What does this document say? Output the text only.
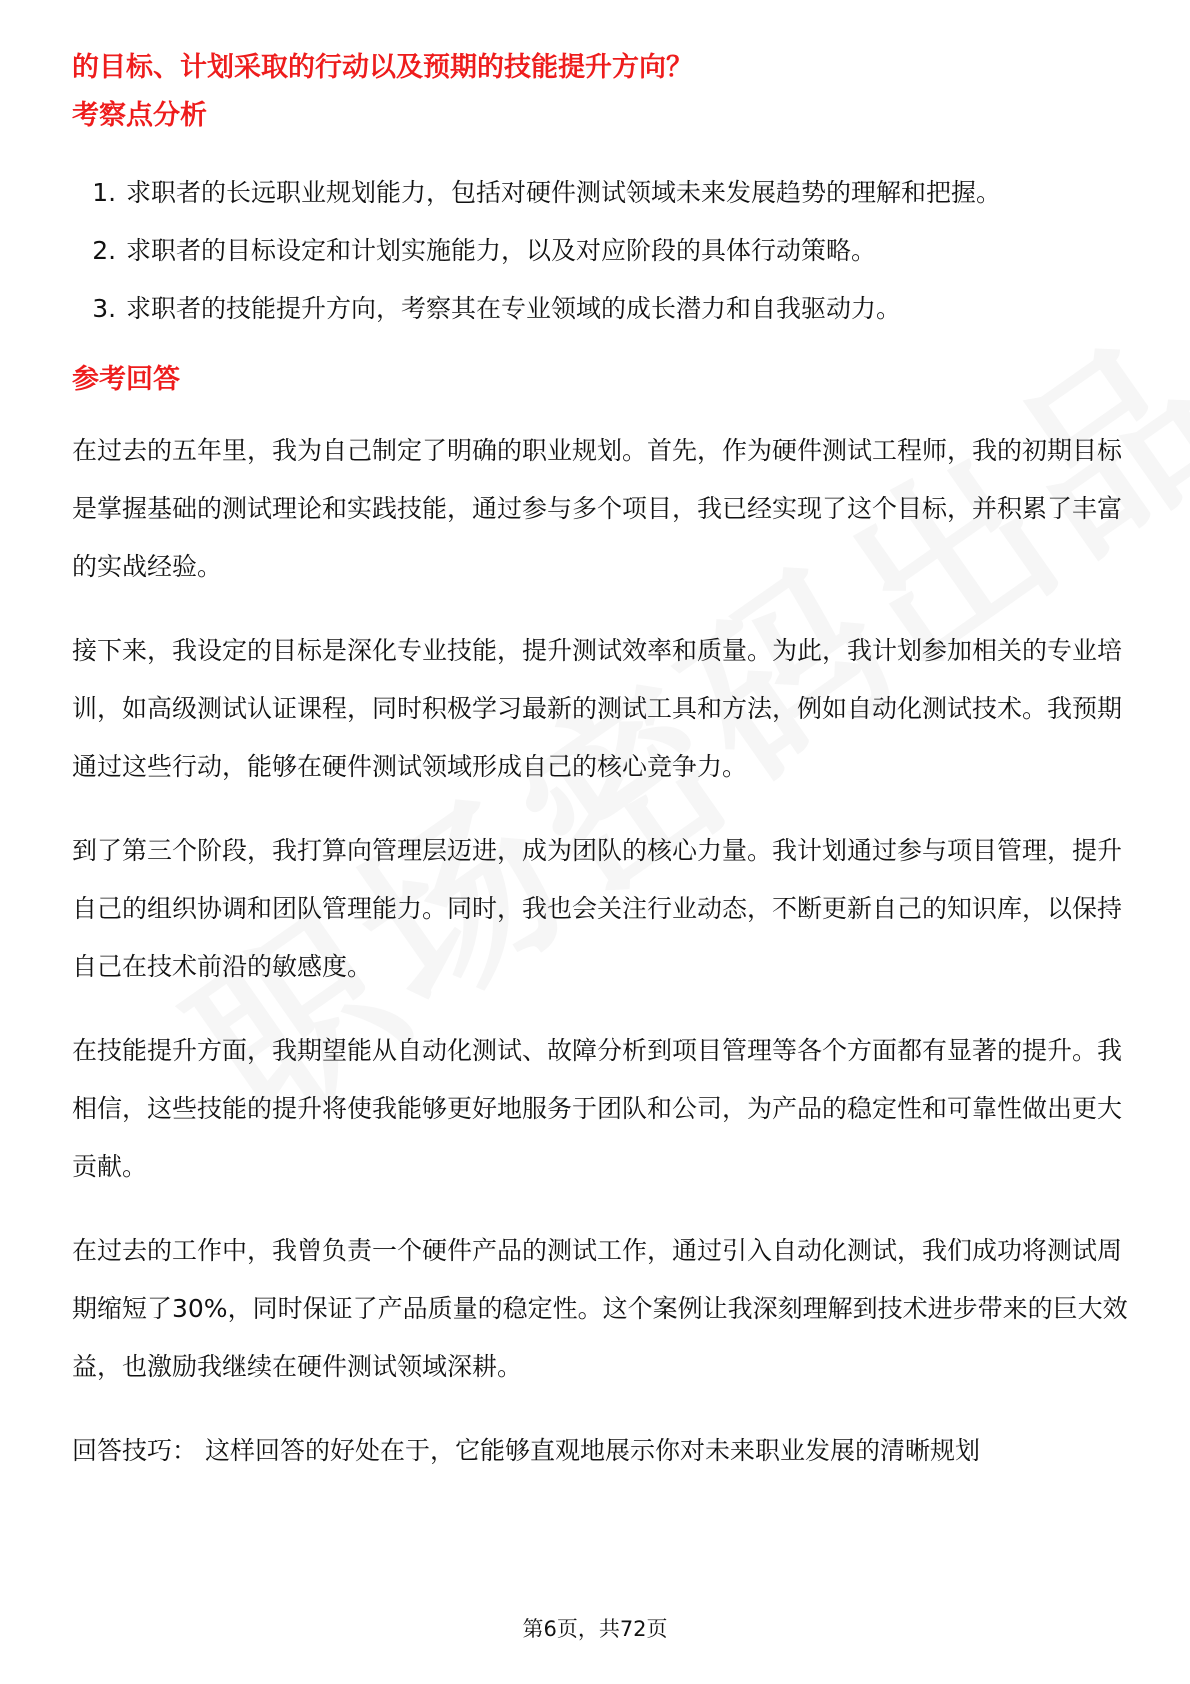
的目标、计划采取的行动以及预期的技能提升方向？

考察点分析

1. 求职者的长远职业规划能力，包括对硬件测试领域未来发展趋势的理解和把握。
2. 求职者的目标设定和计划实施能力，以及对应阶段的具体行动策略。
3. 求职者的技能提升方向，考察其在专业领域的成长潜力和自我驱动力。

参考回答

在过去的五年里，我为自己制定了明确的职业规划。首先，作为硬件测试工程师，我的初期目标是掌握基础的测试理论和实践技能，通过参与多个项目，我已经实现了这个目标，并积累了丰富的实战经验。

接下来，我设定的目标是深化专业技能，提升测试效率和质量。为此，我计划参加相关的专业培训，如高级测试认证课程，同时积极学习最新的测试工具和方法，例如自动化测试技术。我预期通过这些行动，能够在硬件测试领域形成自己的核心竞争力。

到了第三个阶段，我打算向管理层迈进，成为团队的核心力量。我计划通过参与项目管理，提升自己的组织协调和团队管理能力。同时，我也会关注行业动态，不断更新自己的知识库，以保持自己在技术前沿的敏感度。

在技能提升方面，我期望能从自动化测试、故障分析到项目管理等各个方面都有显著的提升。我相信，这些技能的提升将使我能够更好地服务于团队和公司，为产品的稳定性和可靠性做出更大贡献。

在过去的工作中，我曾负责一个硬件产品的测试工作，通过引入自动化测试，我们成功将测试周期缩短了30%，同时保证了产品质量的稳定性。这个案例让我深刻理解到技术进步带来的巨大效益，也激励我继续在硬件测试领域深耕。

回答技巧： 这样回答的好处在于，它能够直观地展示你对未来职业发展的清晰规划

第6页，共72页
